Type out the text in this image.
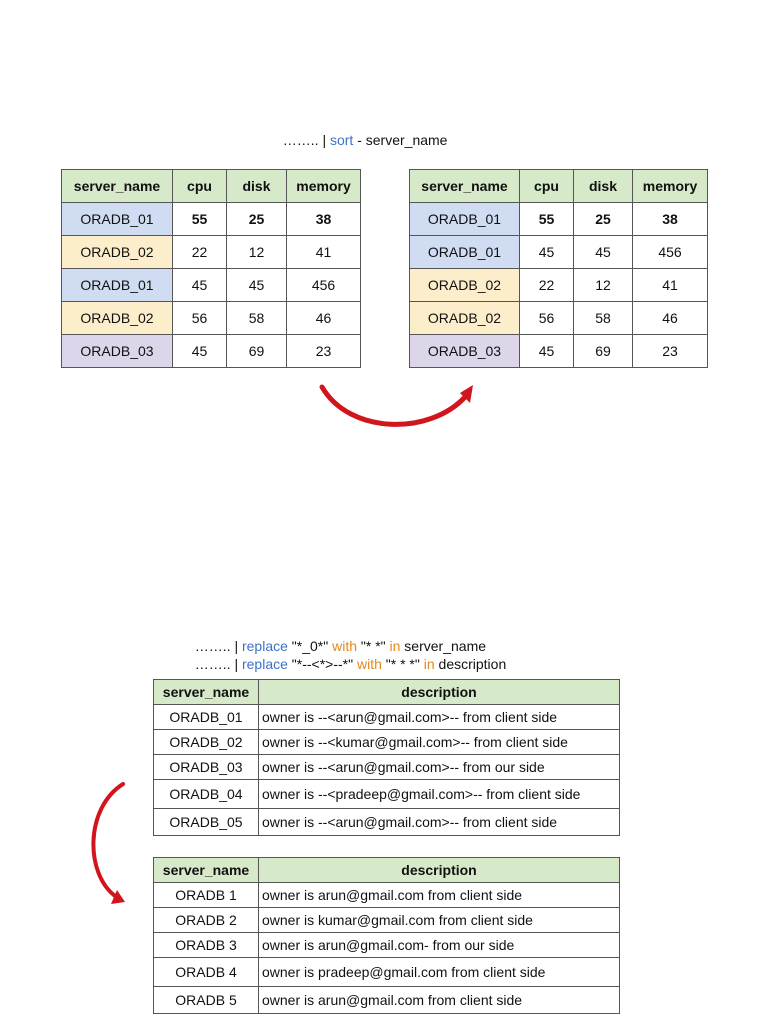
…….. | sort - server_name

server_name	cpu	disk	memory
ORADB_01	55	25	38
ORADB_02	22	12	41
ORADB_01	45	45	456
ORADB_02	56	58	46
ORADB_03	45	69	23
server_name	cpu	disk	memory
ORADB_01	55	25	38
ORADB_01	45	45	456
ORADB_02	22	12	41
ORADB_02	56	58	46
ORADB_03	45	69	23

…….. | replace "*_0*" with "* *" in server_name

…….. | replace "*--<*>--*" with "* * *" in description

server_name	description
ORADB_01	owner is --<arun@gmail.com>-- from client side
ORADB_02	owner is --<kumar@gmail.com>-- from client side
ORADB_03	owner is --<arun@gmail.com>-- from our side
ORADB_04	owner is --<pradeep@gmail.com>-- from client side
ORADB_05	owner is --<arun@gmail.com>-- from client side
server_name	description
ORADB 1	owner is arun@gmail.com from client side
ORADB 2	owner is kumar@gmail.com from client side
ORADB 3	owner is arun@gmail.com- from our side
ORADB 4	owner is pradeep@gmail.com from client side
ORADB 5	owner is arun@gmail.com from client side
